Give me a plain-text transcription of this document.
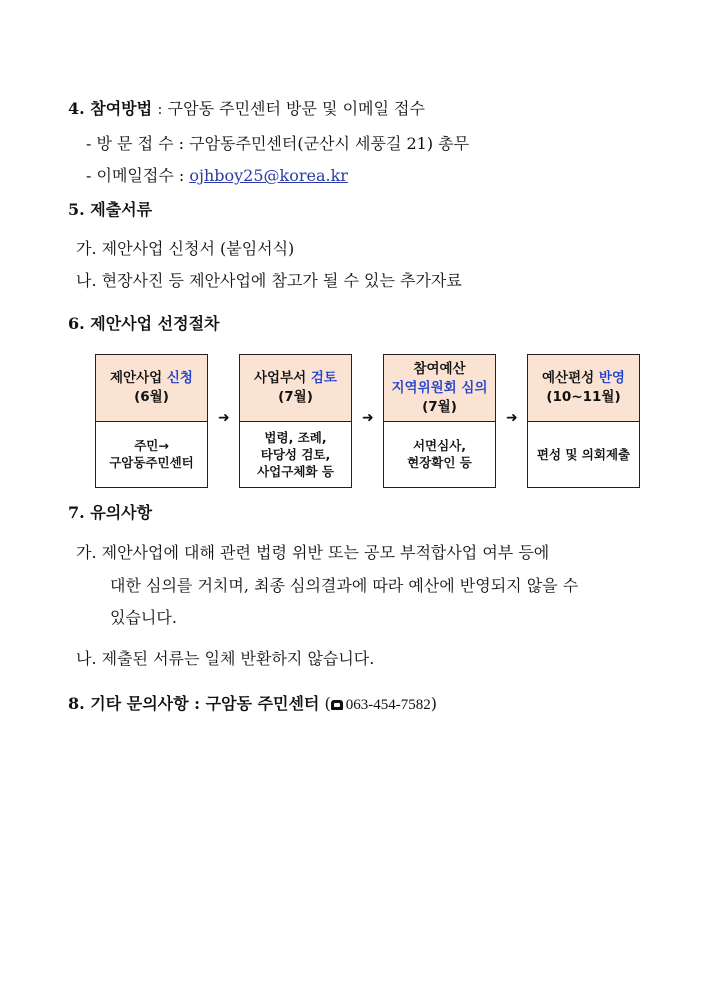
4. 참여방법 : 구암동 주민센터 방문 및 이메일 접수
- 방 문 접 수 : 구암동주민센터(군산시 세풍길 21) 총무
- 이메일접수 : ojhboy25@korea.kr
5. 제출서류
가. 제안사업 신청서 (붙임서식)
나. 현장사진 등 제안사업에 참고가 될 수 있는 추가자료
6. 제안사업 선정절차
제안사업 신청
(6월)
주민→
구암동주민센터
➜
사업부서 검토
(7월)
법령, 조례,
타당성 검토,
사업구체화 등
➜
참여예산
지역위원회 심의
(7월)
서면심사,
현장확인 등
➜
예산편성 반영
(10~11월)
편성 및 의회제출
7. 유의사항
가. 제안사업에 대해 관련 법령 위반 또는 공모 부적합사업 여부 등에
대한 심의를 거치며, 최종 심의결과에 따라 예산에 반영되지 않을 수
있습니다.
나. 제출된 서류는 일체 반환하지 않습니다.
8. 기타 문의사항 : 구암동 주민센터 ( 063-454-7582)
